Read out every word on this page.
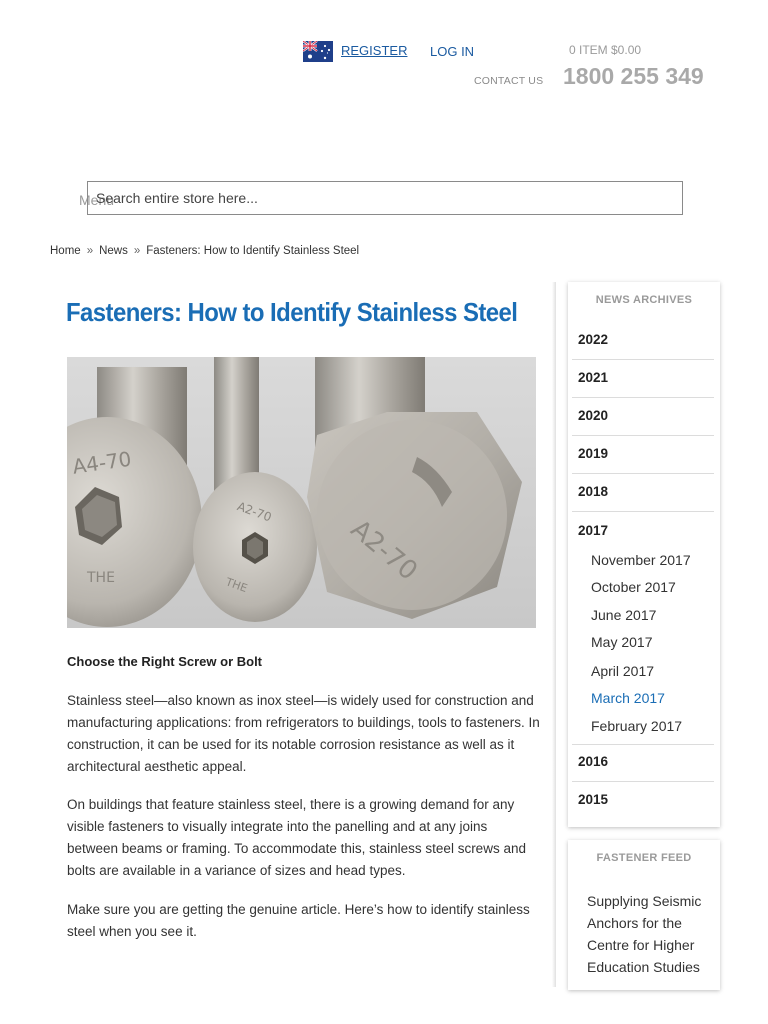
REGISTER LOG IN	0 ITEM $0.00
CONTACT US 1800 255 349
Menu
Search entire store here...
Home » News » Fasteners: How to Identify Stainless Steel
Fasteners: How to Identify Stainless Steel
A4-70
THE
A2-70
THE	A2-70

Choose the Right Screw or Bolt

Stainless steel—also known as inox steel—is widely used for construction and manufacturing applications: from refrigerators to buildings, tools to fasteners. In construction, it can be used for its notable corrosion resistance as well as it architectural aesthetic appeal.

On buildings that feature stainless steel, there is a growing demand for any visible fasteners to visually integrate into the panelling and at any joins between beams or framing. To accommodate this, stainless steel screws and bolts are available in a variance of sizes and head types.

Make sure you are getting the genuine article. Here’s how to identify stainless steel when you see it.

NEWS ARCHIVES
2022
2021
2020
2019
2018
2017
November 2017
October 2017
June 2017
May 2017
April 2017
March 2017
February 2017
2016
2015
FASTENER FEED
Supplying Seismic Anchors for the Centre for Higher Education Studies
